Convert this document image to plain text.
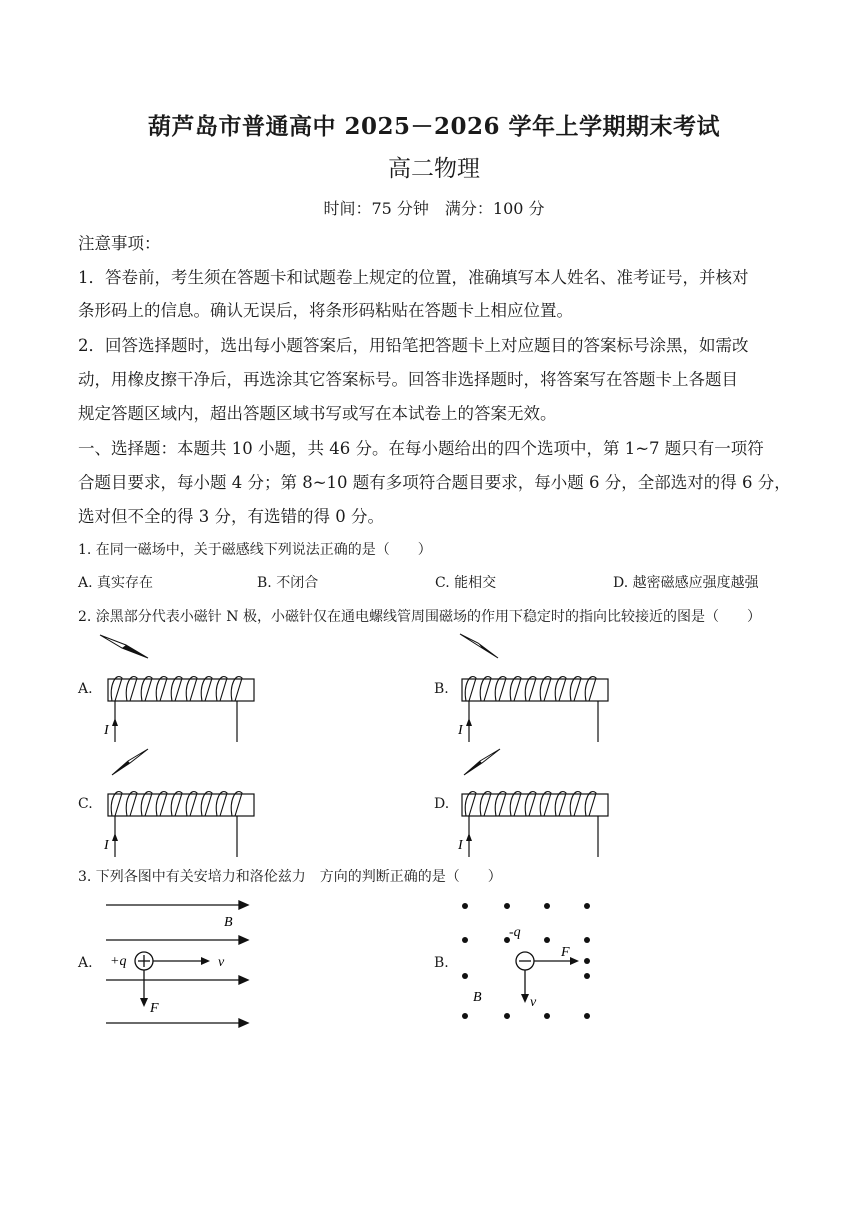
葫芦岛市普通高中 2025－2026 学年上学期期末考试
高二物理
时间：75 分钟　满分：100 分
注意事项：
1．答卷前，考生须在答题卡和试题卷上规定的位置，准确填写本人姓名、准考证号，并核对
条形码上的信息。确认无误后，将条形码粘贴在答题卡上相应位置。
2．回答选择题时，选出每小题答案后，用铅笔把答题卡上对应题目的答案标号涂黑，如需改
动，用橡皮擦干净后，再选涂其它答案标号。回答非选择题时，将答案写在答题卡上各题目
规定答题区域内，超出答题区域书写或写在本试卷上的答案无效。
一、选择题：本题共 10 小题，共 46 分。在每小题给出的四个选项中，第 1~7 题只有一项符
合题目要求，每小题 4 分；第 8~10 题有多项符合题目要求，每小题 6 分，全部选对的得 6 分，
选对但不全的得 3 分，有选错的得 0 分。
1. 在同一磁场中，关于磁感线下列说法正确的是（　　）
A. 真实存在	B. 不闭合	C. 能相交	D. 越密磁感应强度越强
2. 涂黑部分代表小磁针 N 极，小磁针仅在通电螺线管周围磁场的作用下稳定时的指向比较接近的图是（　　）
A.	B.
C.	D.
I	I
I	I
3. 下列各图中有关安培力和洛伦兹力　方向的判断正确的是（　　）
A.	B.
B
+q	v
F
-q
F
v
B
